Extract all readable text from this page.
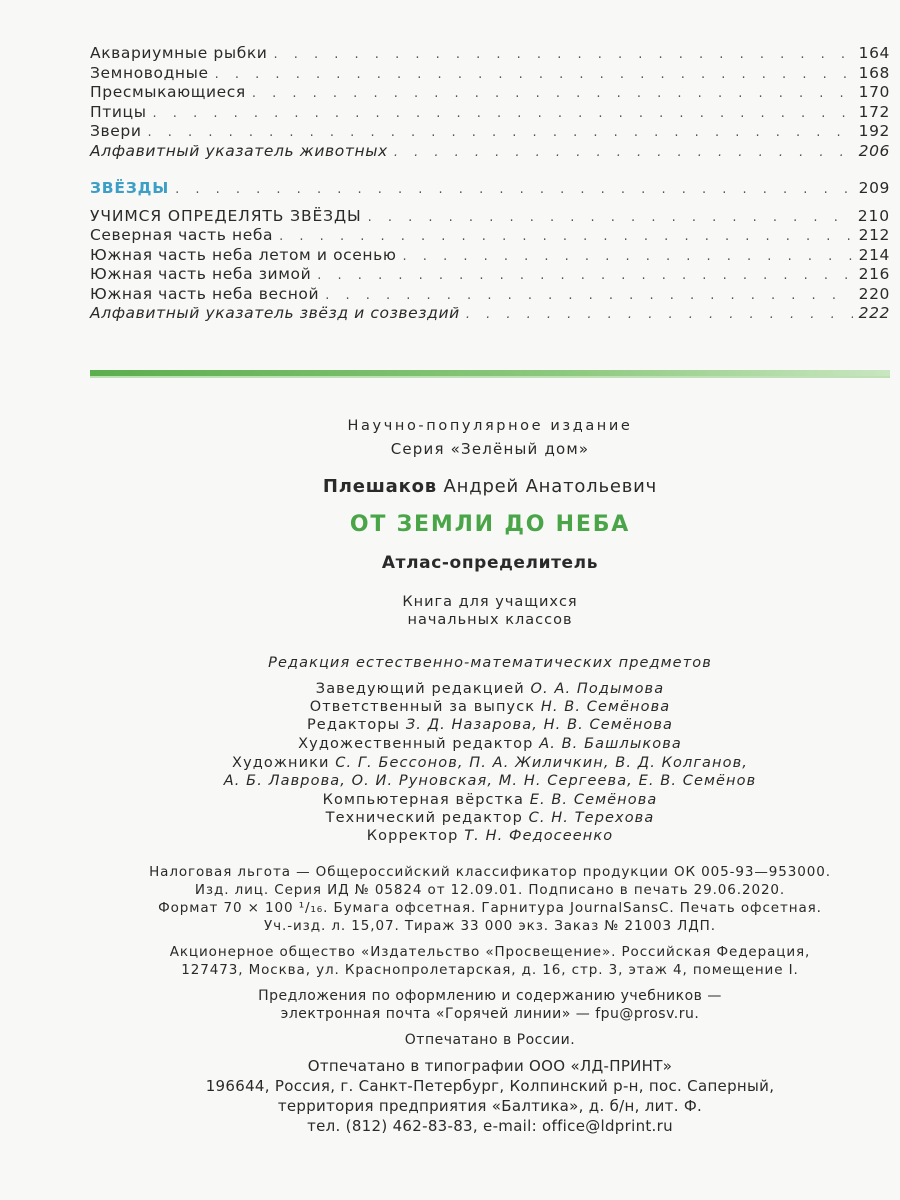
Аквариумные рыбки . . .	164
Земноводные . . .	168
Пресмыкающиеся . . .	170
Птицы . . .	172
Звери . . .	192
Алфавитный указатель животных . . .	206
ЗВЁЗДЫ . . .	209
УЧИМСЯ ОПРЕДЕЛЯТЬ ЗВЁЗДЫ . . .	210
Северная часть неба . . .	212
Южная часть неба летом и осенью . . .	214
Южная часть неба зимой . . .	216
Южная часть неба весной . . .	220
Алфавитный указатель звёзд и созвездий . . .	222
Научно-популярное издание
Серия «Зелёный дом»
Плешаков Андрей Анатольевич
ОТ ЗЕМЛИ ДО НЕБА
Атлас-определитель
Книга для учащихся
начальных классов
Редакция естественно-математических предметов
Заведующий редакцией О. А. Подымова
Ответственный за выпуск Н. В. Семёнова
Редакторы З. Д. Назарова, Н. В. Семёнова
Художественный редактор А. В. Башлыкова
Художники С. Г. Бессонов, П. А. Жиличкин, В. Д. Колганов,
А. Б. Лаврова, О. И. Руновская, М. Н. Сергеева, Е. В. Семёнов
Компьютерная вёрстка Е. В. Семёнова
Технический редактор С. Н. Терехова
Корректор Т. Н. Федосеенко
Налоговая льгота — Общероссийский классификатор продукции ОК 005-93—953000.
Изд. лиц. Серия ИД № 05824 от 12.09.01. Подписано в печать 29.06.2020.
Формат 70 × 100 ¹/₁₆. Бумага офсетная. Гарнитура JournalSansC. Печать офсетная.
Уч.-изд. л. 15,07. Тираж 33 000 экз. Заказ № 21003 ЛДП.
Акционерное общество «Издательство «Просвещение». Российская Федерация,
127473, Москва, ул. Краснопролетарская, д. 16, стр. 3, этаж 4, помещение I.
Предложения по оформлению и содержанию учебников —
электронная почта «Горячей линии» — fpu@prosv.ru.
Отпечатано в России.
Отпечатано в типографии ООО «ЛД-ПРИНТ»
196644, Россия, г. Санкт-Петербург, Колпинский р-н, пос. Саперный,
территория предприятия «Балтика», д. б/н, лит. Ф.
тел. (812) 462-83-83, e-mail: office@ldprint.ru
